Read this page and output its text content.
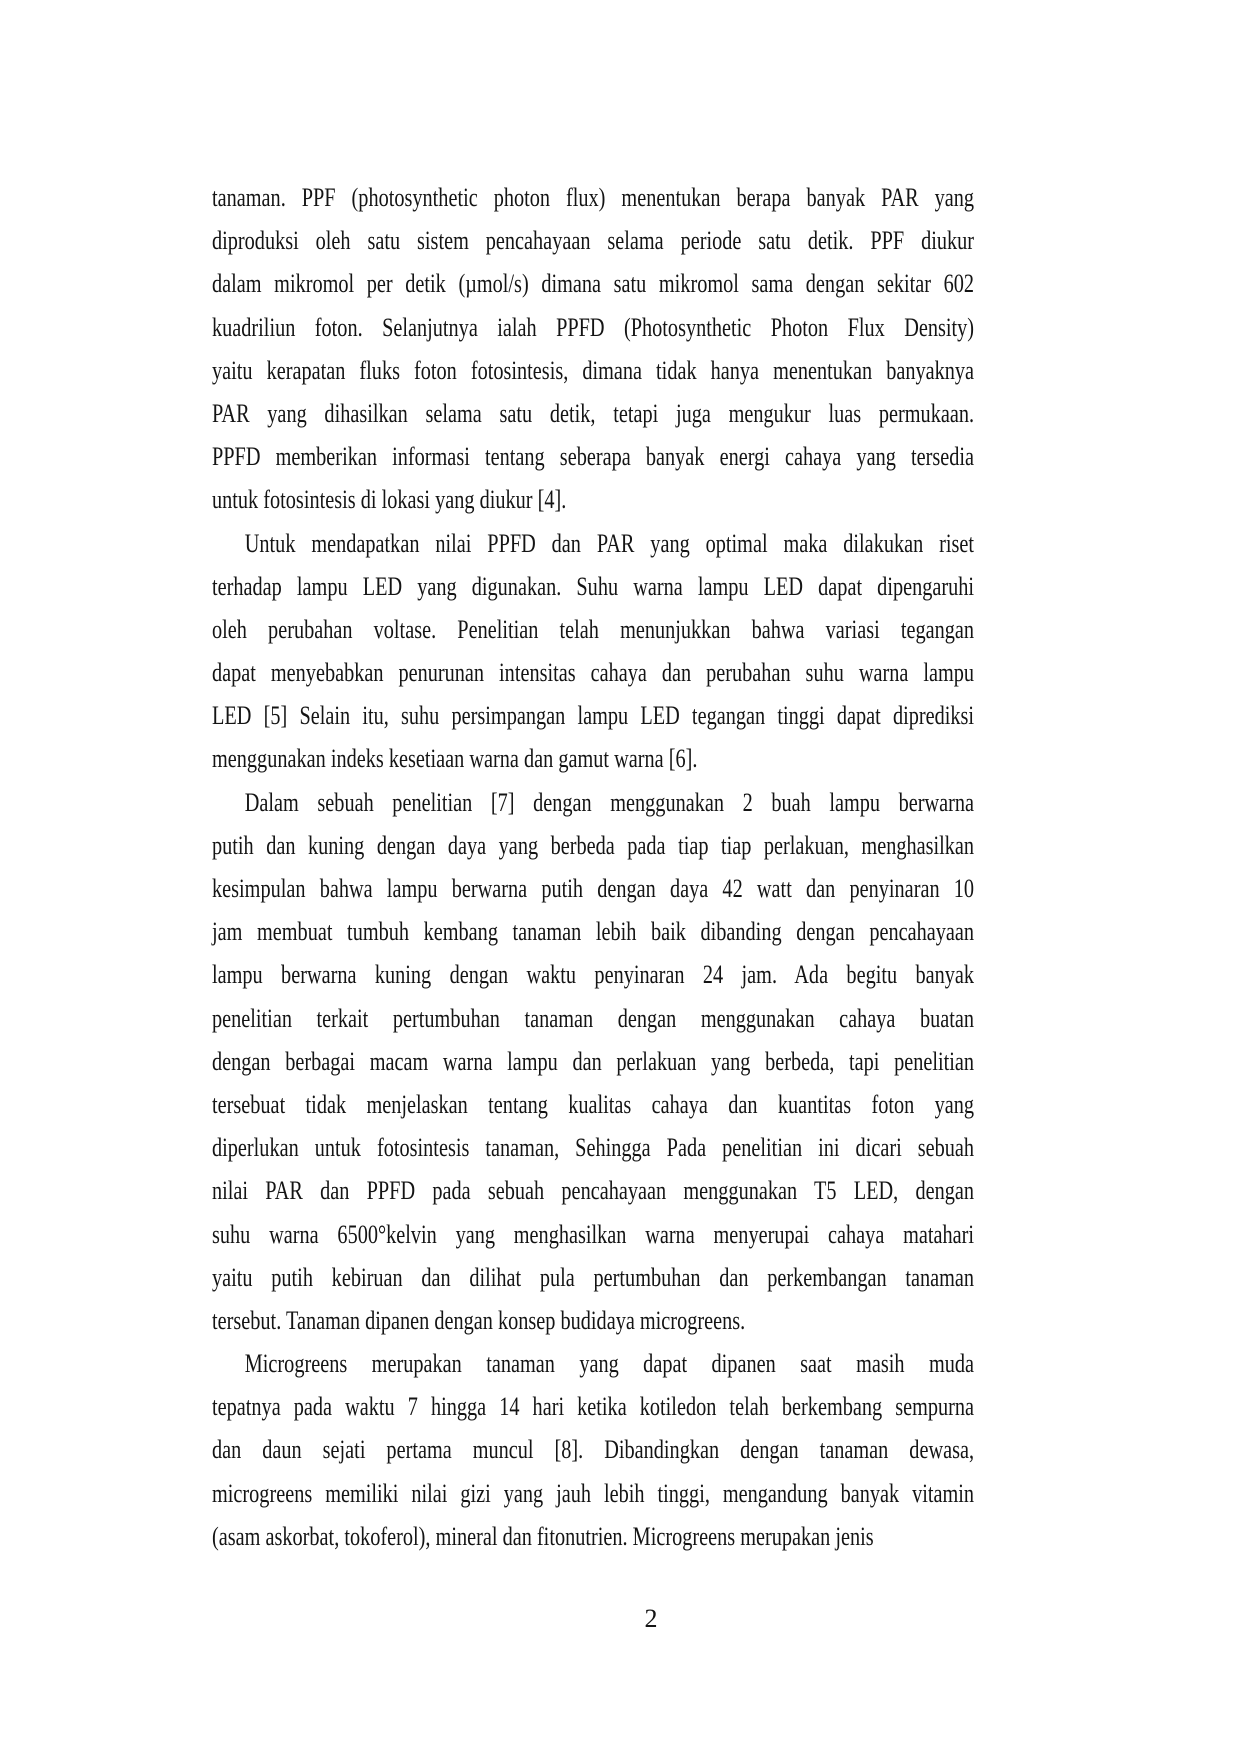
tanaman. PPF (photosynthetic photon flux) menentukan berapa banyak PAR yang
diproduksi oleh satu sistem pencahayaan selama periode satu detik. PPF diukur
dalam mikromol per detik (µmol/s) dimana satu mikromol sama dengan sekitar 602
kuadriliun foton. Selanjutnya ialah PPFD (Photosynthetic Photon Flux Density)
yaitu kerapatan fluks foton fotosintesis, dimana tidak hanya menentukan banyaknya
PAR yang dihasilkan selama satu detik, tetapi juga mengukur luas permukaan.
PPFD memberikan informasi tentang seberapa banyak energi cahaya yang tersedia
untuk fotosintesis di lokasi yang diukur [4].
Untuk mendapatkan nilai PPFD dan PAR yang optimal maka dilakukan riset
terhadap lampu LED yang digunakan. Suhu warna lampu LED dapat dipengaruhi
oleh perubahan voltase. Penelitian telah menunjukkan bahwa variasi tegangan
dapat menyebabkan penurunan intensitas cahaya dan perubahan suhu warna lampu
LED [5] Selain itu, suhu persimpangan lampu LED tegangan tinggi dapat diprediksi
menggunakan indeks kesetiaan warna dan gamut warna [6].
Dalam sebuah penelitian [7] dengan menggunakan 2 buah lampu berwarna
putih dan kuning dengan daya yang berbeda pada tiap tiap perlakuan, menghasilkan
kesimpulan bahwa lampu berwarna putih dengan daya 42 watt dan penyinaran 10
jam membuat tumbuh kembang tanaman lebih baik dibanding dengan pencahayaan
lampu berwarna kuning dengan waktu penyinaran 24 jam. Ada begitu banyak
penelitian terkait pertumbuhan tanaman dengan menggunakan cahaya buatan
dengan berbagai macam warna lampu dan perlakuan yang berbeda, tapi penelitian
tersebuat tidak menjelaskan tentang kualitas cahaya dan kuantitas foton yang
diperlukan untuk fotosintesis tanaman, Sehingga Pada penelitian ini dicari sebuah
nilai PAR dan PPFD pada sebuah pencahayaan menggunakan T5 LED, dengan
suhu warna 6500°kelvin yang menghasilkan warna menyerupai cahaya matahari
yaitu putih kebiruan dan dilihat pula pertumbuhan dan perkembangan tanaman
tersebut. Tanaman dipanen dengan konsep budidaya microgreens.
Microgreens merupakan tanaman yang dapat dipanen saat masih muda
tepatnya pada waktu 7 hingga 14 hari ketika kotiledon telah berkembang sempurna
dan daun sejati pertama muncul [8]. Dibandingkan dengan tanaman dewasa,
microgreens memiliki nilai gizi yang jauh lebih tinggi, mengandung banyak vitamin
(asam askorbat, tokoferol), mineral dan fitonutrien. Microgreens merupakan jenis
2
